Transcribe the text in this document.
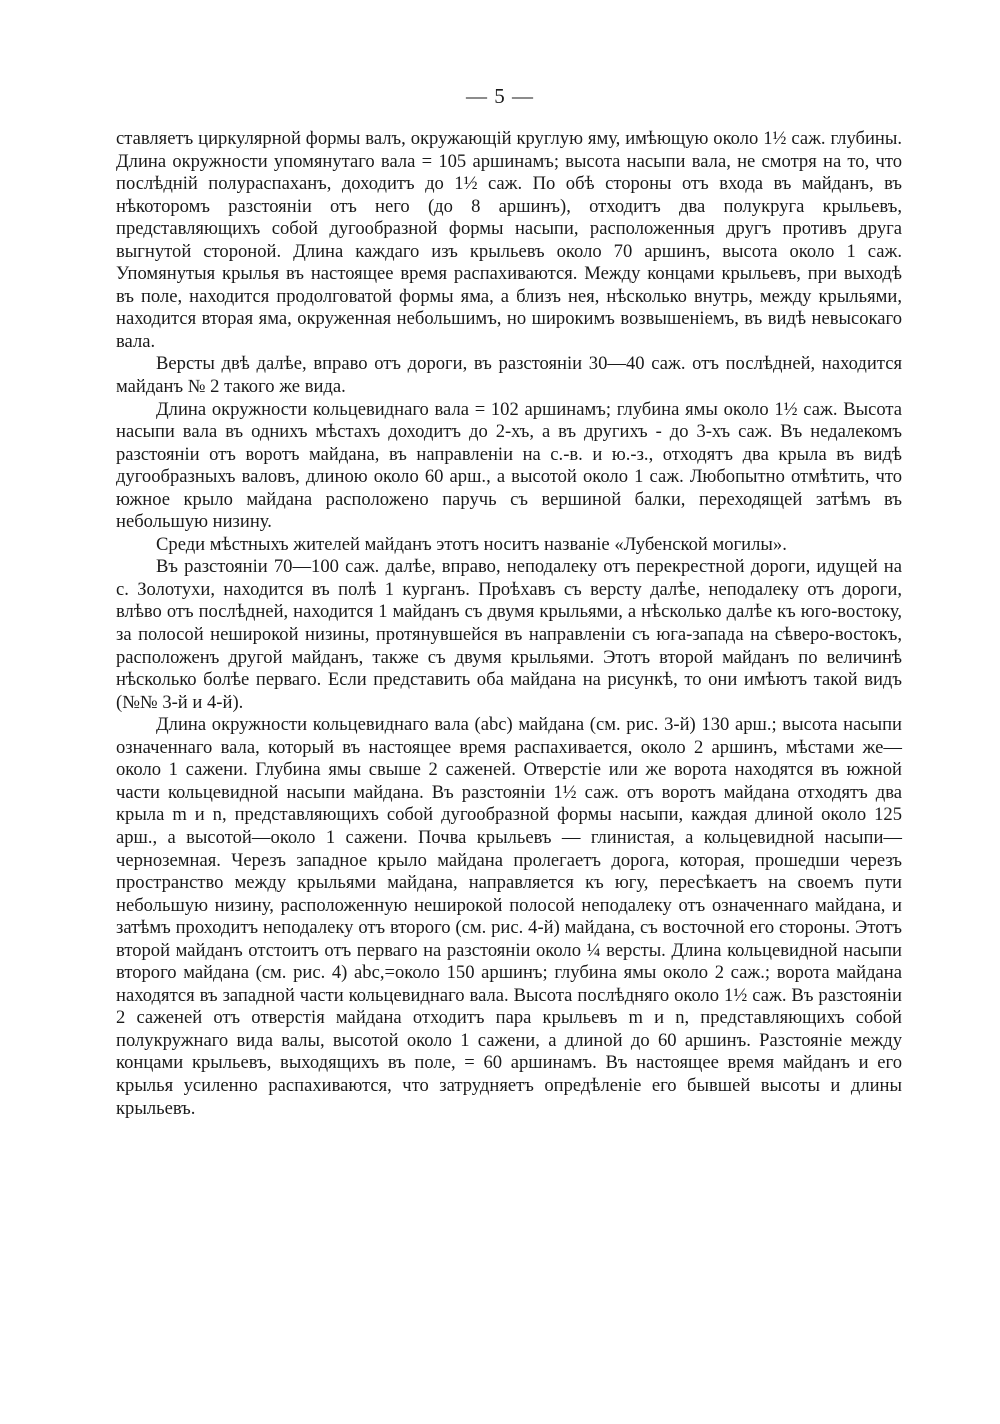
— 5 —

ставляетъ циркулярной формы валъ, окружающій круглую яму, имѣющую около 1½ саж. глубины. Длина окружности упомянутаго вала = 105 аршинамъ; высота насыпи вала, не смотря на то, что послѣдній полураспаханъ, доходитъ до 1½ саж. По обѣ стороны отъ входа въ майданъ, въ нѣкоторомъ разстояніи отъ него (до 8 аршинъ), отходитъ два полукруга крыльевъ, представляющихъ собой дугообразной формы насыпи, расположенныя другъ противъ друга выгнутой стороной. Длина каждаго изъ крыльевъ около 70 аршинъ, высота около 1 саж. Упомянутыя крылья въ настоящее время распахиваются. Между концами крыльевъ, при выходѣ въ поле, находится продолговатой формы яма, а близъ нея, нѣсколько внутрь, между крыльями, находится вторая яма, окруженная небольшимъ, но широкимъ возвышеніемъ, въ видѣ невысокаго вала.

Версты двѣ далѣе, вправо отъ дороги, въ разстояніи 30—40 саж. отъ послѣдней, находится майданъ № 2 такого же вида.

Длина окружности кольцевиднаго вала = 102 аршинамъ; глубина ямы около 1½ саж. Высота насыпи вала въ однихъ мѣстахъ доходитъ до 2-хъ, а въ другихъ - до 3-хъ саж. Въ недалекомъ разстояніи отъ воротъ майдана, въ направленіи на с.-в. и ю.-з., отходятъ два крыла въ видѣ дугообразныхъ валовъ, длиною около 60 арш., а высотой около 1 саж. Любопытно отмѣтить, что южное крыло майдана расположено паручь съ вершиной балки, переходящей затѣмъ въ небольшую низину.

Среди мѣстныхъ жителей майданъ этотъ носитъ названіе «Лубенской могилы».

Въ разстояніи 70—100 саж. далѣе, вправо, неподалеку отъ перекрестной дороги, идущей на с. Золотухи, находится въ полѣ 1 курганъ. Проѣхавъ съ версту далѣе, неподалеку отъ дороги, влѣво отъ послѣдней, находится 1 майданъ съ двумя крыльями, а нѣсколько далѣе къ юго-востоку, за полосой неширокой низины, протянувшейся въ направленіи съ юга-запада на сѣверо-востокъ, расположенъ другой майданъ, также съ двумя крыльями. Этотъ второй майданъ по величинѣ нѣсколько болѣе перваго. Если представить оба майдана на рисункѣ, то они имѣютъ такой видъ (№№ 3-й и 4-й).

Длина окружности кольцевиднаго вала (abc) майдана (см. рис. 3-й) 130 арш.; высота насыпи означеннаго вала, который въ настоящее время распахивается, около 2 аршинъ, мѣстами же—около 1 сажени. Глубина ямы свыше 2 саженей. Отверстіе или же ворота находятся въ южной части кольцевидной насыпи майдана. Въ разстояніи 1½ саж. отъ воротъ майдана отходятъ два крыла m и n, представляющихъ собой дугообразной формы насыпи, каждая длиной около 125 арш., а высотой—около 1 сажени. Почва крыльевъ — глинистая, а кольцевидной насыпи—черноземная. Черезъ западное крыло майдана пролегаетъ дорога, которая, прошедши черезъ пространство между крыльями майдана, направляется къ югу, пересѣкаетъ на своемъ пути небольшую низину, расположенную неширокой полосой неподалеку отъ означеннаго майдана, и затѣмъ проходитъ неподалеку отъ второго (см. рис. 4-й) майдана, съ восточной его стороны. Этотъ второй майданъ отстоитъ отъ перваго на разстояніи около ¼ версты. Длина кольцевидной насыпи второго майдана (см. рис. 4) abc,=около 150 аршинъ; глубина ямы около 2 саж.; ворота майдана находятся въ западной части кольцевиднаго вала. Высота послѣдняго около 1½ саж. Въ разстояніи 2 саженей отъ отверстія майдана отходитъ пара крыльевъ m и n, представляющихъ собой полукружнаго вида валы, высотой около 1 сажени, а длиной до 60 аршинъ. Разстояніе между концами крыльевъ, выходящихъ въ поле, = 60 аршинамъ. Въ настоящее время майданъ и его крылья усиленно распахиваются, что затрудняетъ опредѣленіе его бывшей высоты и длины крыльевъ.
